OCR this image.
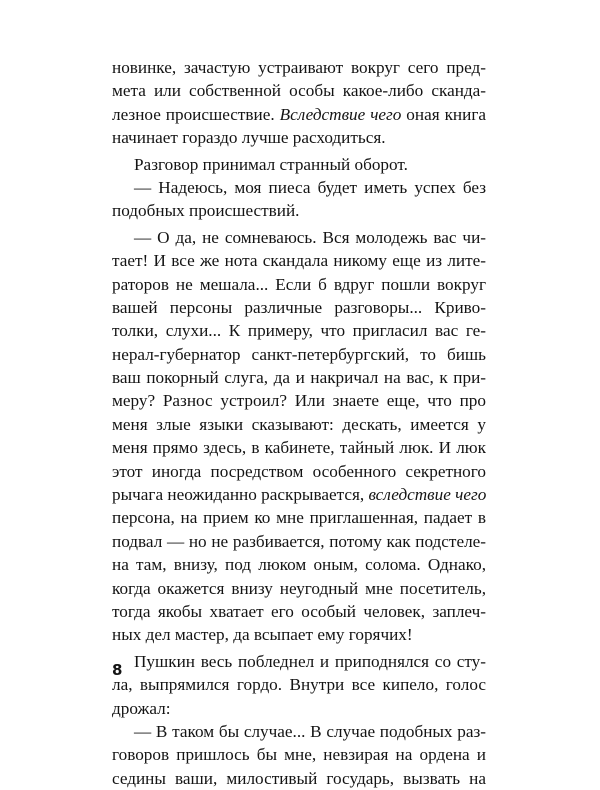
новинке, зачастую устраивают вокруг сего пред-
мета или собственной особы какое-либо сканда-
лезное происшествие. Вследствие чего оная книга
начинает гораздо лучше расходиться.
Разговор принимал странный оборот.
— Надеюсь, моя пиеса будет иметь успех без
подобных происшествий.
— О да, не сомневаюсь. Вся молодежь вас чи-
тает! И все же нота скандала никому еще из лите-
раторов не мешала... Если б вдруг пошли вокруг
вашей персоны различные разговоры... Криво-
толки, слухи... К примеру, что пригласил вас ге-
нерал-губернатор санкт-петербургский, то бишь
ваш покорный слуга, да и накричал на вас, к при-
меру? Разнос устроил? Или знаете еще, что про
меня злые языки сказывают: дескать, имеется у
меня прямо здесь, в кабинете, тайный люк. И люк
этот иногда посредством особенного секретного
рычага неожиданно раскрывается, вследствие чего
персона, на прием ко мне приглашенная, падает в
подвал — но не разбивается, потому как подстеле-
на там, внизу, под люком оным, солома. Однако,
когда окажется внизу неугодный мне посетитель,
тогда якобы хватает его особый человек, заплеч-
ных дел мастер, да всыпает ему горячих!
Пушкин весь побледнел и приподнялся со сту-
ла, выпрямился гордо. Внутри все кипело, голос
дрожал:
— В таком бы случае... В случае подобных раз-
говоров пришлось бы мне, невзирая на ордена и
седины ваши, милостивый государь, вызвать на
8
